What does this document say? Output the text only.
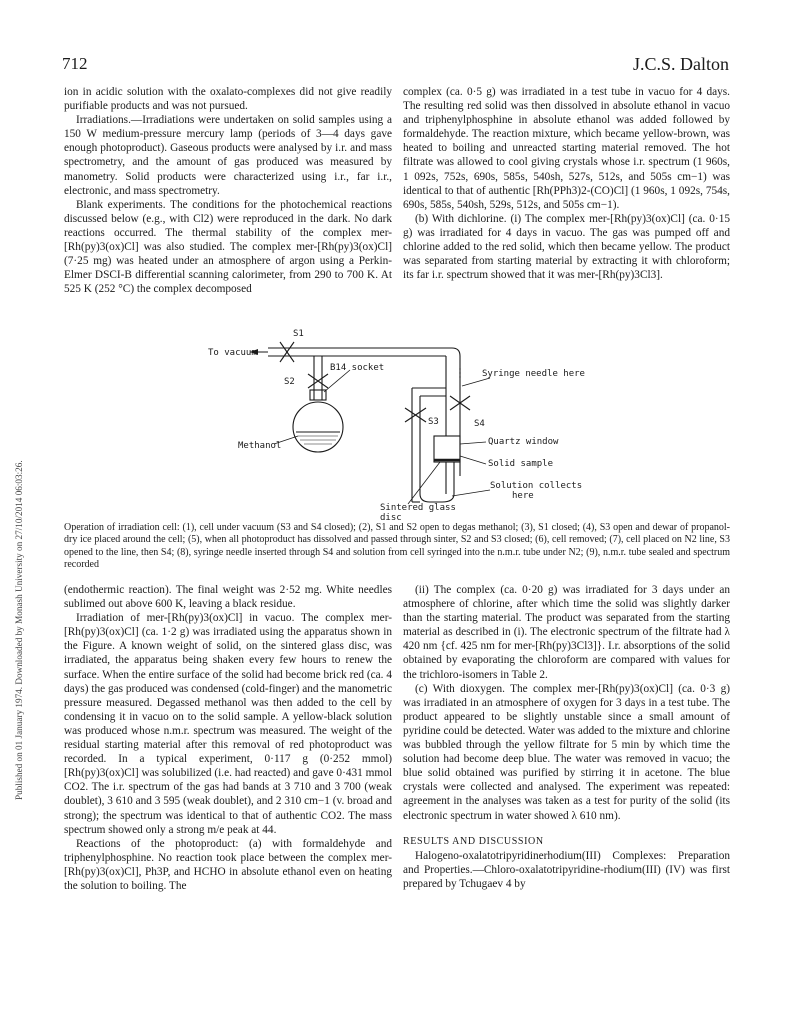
712	J.C.S. Dalton
Published on 01 January 1974. Downloaded by Monash University on 27/10/2014 06:03:26.

ion in acidic solution with the oxalato-complexes did not give readily purifiable products and was not pursued.

Irradiations.—Irradiations were undertaken on solid samples using a 150 W medium-pressure mercury lamp (periods of 3—4 days gave enough photoproduct). Gaseous products were analysed by i.r. and mass spectrometry, and the amount of gas produced was measured by manometry. Solid products were characterized using i.r., far i.r., electronic, and mass spectrometry.

Blank experiments. The conditions for the photochemical reactions discussed below (e.g., with Cl2) were reproduced in the dark. No dark reactions occurred. The thermal stability of the complex mer-[Rh(py)3(ox)Cl] was also studied. The complex mer-[Rh(py)3(ox)Cl] (7·25 mg) was heated under an atmosphere of argon using a Perkin-Elmer DSCI-B differential scanning calorimeter, from 290 to 700 K. At 525 K (252 °C) the complex decomposed

complex (ca. 0·5 g) was irradiated in a test tube in vacuo for 4 days. The resulting red solid was then dissolved in absolute ethanol in vacuo and triphenylphosphine in absolute ethanol was added followed by formaldehyde. The reaction mixture, which became yellow-brown, was heated to boiling and unreacted starting material removed. The hot filtrate was allowed to cool giving crystals whose i.r. spectrum (1 960s, 1 092s, 752s, 690s, 585s, 540sh, 527s, 512s, and 505s cm−1) was identical to that of authentic [Rh(PPh3)2-(CO)Cl] (1 960s, 1 092s, 754s, 690s, 585s, 540sh, 529s, 512s, and 505s cm−1).

(b) With dichlorine. (i) The complex mer-[Rh(py)3(ox)Cl] (ca. 0·15 g) was irradiated for 4 days in vacuo. The gas was pumped off and chlorine added to the red solid, which then became yellow. The product was separated from starting material by extracting it with chloroform; its far i.r. spectrum showed that it was mer-[Rh(py)3Cl3].

S1
To vacuum
S2
B14 socket
Syringe needle here
S3	S4
Quartz window
Solid sample
Methanol
Solution collects
here
Sintered glass
disc

Operation of irradiation cell: (1), cell under vacuum (S3 and S4 closed); (2), S1 and S2 open to degas methanol; (3), S1 closed; (4), S3 open and dewar of propanol-dry ice placed around the cell; (5), when all photoproduct has dissolved and passed through sinter, S2 and S3 closed; (6), cell removed; (7), cell placed on N2 line, S3 opened to the line, then S4; (8), syringe needle inserted through S4 and solution from cell syringed into the n.m.r. tube under N2; (9), n.m.r. tube sealed and spectrum recorded

(endothermic reaction). The final weight was 2·52 mg. White needles sublimed out above 600 K, leaving a black residue.

Irradiation of mer-[Rh(py)3(ox)Cl] in vacuo. The complex mer-[Rh(py)3(ox)Cl] (ca. 1·2 g) was irradiated using the apparatus shown in the Figure. A known weight of solid, on the sintered glass disc, was irradiated, the apparatus being shaken every few hours to renew the surface. When the entire surface of the solid had become brick red (ca. 4 days) the gas produced was condensed (cold-finger) and the manometric pressure measured. Degassed methanol was then added to the cell by condensing it in vacuo on to the solid sample. A yellow-black solution was produced whose n.m.r. spectrum was measured. The weight of the residual starting material after this removal of red photoproduct was recorded. In a typical experiment, 0·117 g (0·252 mmol) [Rh(py)3(ox)Cl] was solubilized (i.e. had reacted) and gave 0·431 mmol CO2. The i.r. spectrum of the gas had bands at 3 710 and 3 700 (weak doublet), 3 610 and 3 595 (weak doublet), and 2 310 cm−1 (v. broad and strong); the spectrum was identical to that of authentic CO2. The mass spectrum showed only a strong m/e peak at 44.

Reactions of the photoproduct: (a) with formaldehyde and triphenylphosphine. No reaction took place between the complex mer-[Rh(py)3(ox)Cl], Ph3P, and HCHO in absolute ethanol even on heating the solution to boiling. The

(ii) The complex (ca. 0·20 g) was irradiated for 3 days under an atmosphere of chlorine, after which time the solid was slightly darker than the starting material. The product was separated from the starting material as described in (i). The electronic spectrum of the filtrate had λ 420 nm {cf. 425 nm for mer-[Rh(py)3Cl3]}. I.r. absorptions of the solid obtained by evaporating the chloroform are compared with values for the trichloro-isomers in Table 2.

(c) With dioxygen. The complex mer-[Rh(py)3(ox)Cl] (ca. 0·3 g) was irradiated in an atmosphere of oxygen for 3 days in a test tube. The product appeared to be slightly unstable since a small amount of pyridine could be detected. Water was added to the mixture and chlorine was bubbled through the yellow filtrate for 5 min by which time the solution had become deep blue. The water was removed in vacuo; the blue solid obtained was purified by stirring it in acetone. The blue crystals were collected and analysed. The experiment was repeated: agreement in the analyses was taken as a test for purity of the solid (its electronic spectrum in water showed λ 610 nm).

RESULTS AND DISCUSSION

Halogeno-oxalatotripyridinerhodium(III) Complexes: Preparation and Properties.—Chloro-oxalatotripyridine-rhodium(III) (IV) was first prepared by Tchugaev 4 by
